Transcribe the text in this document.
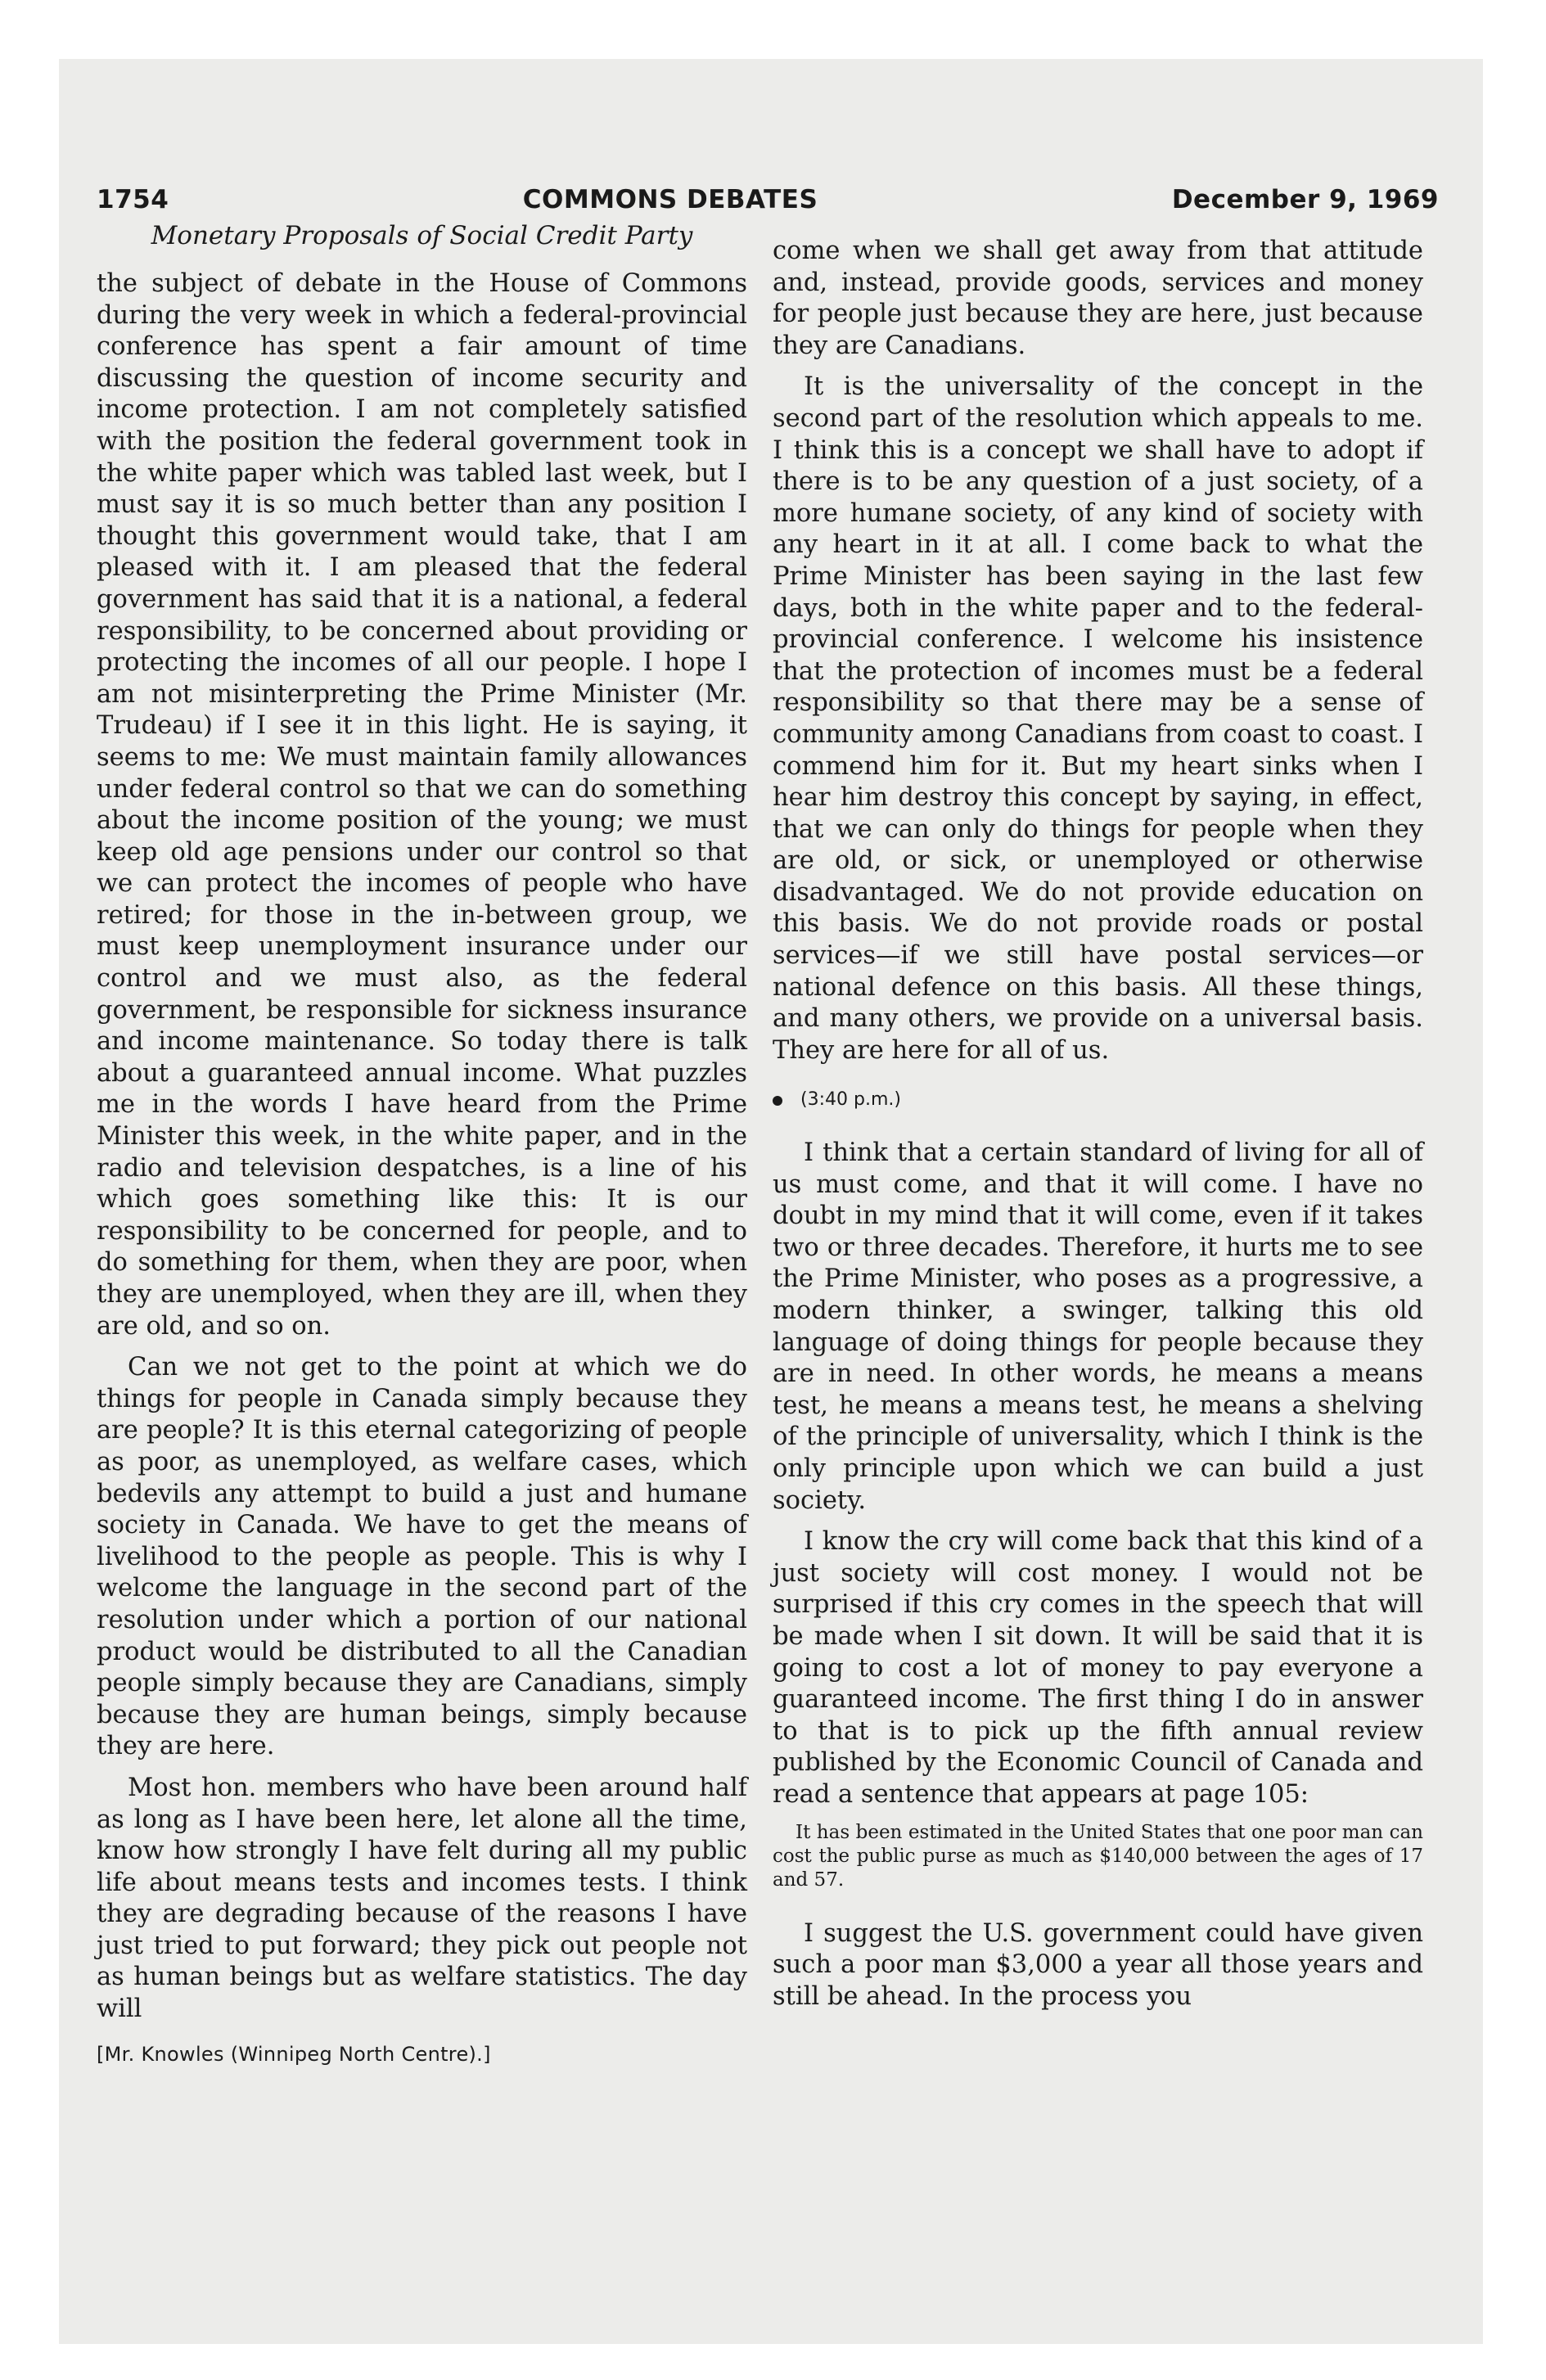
1754	COMMONS DEBATES	December 9, 1969
Monetary Proposals of Social Credit Party

the subject of debate in the House of Commons during the very week in which a federal-provincial conference has spent a fair amount of time discussing the question of income security and income protection. I am not completely satisfied with the position the federal government took in the white paper which was tabled last week, but I must say it is so much better than any position I thought this government would take, that I am pleased with it. I am pleased that the federal government has said that it is a national, a federal responsibility, to be concerned about providing or protecting the incomes of all our people. I hope I am not misinterpreting the Prime Minister (Mr. Trudeau) if I see it in this light. He is saying, it seems to me: We must maintain family allowances under federal control so that we can do something about the income position of the young; we must keep old age pensions under our control so that we can protect the incomes of people who have retired; for those in the in-between group, we must keep unemployment insurance under our control and we must also, as the federal government, be responsible for sickness insurance and income maintenance. So today there is talk about a guaranteed annual income. What puzzles me in the words I have heard from the Prime Minister this week, in the white paper, and in the radio and television despatches, is a line of his which goes something like this: It is our responsibility to be concerned for people, and to do something for them, when they are poor, when they are unemployed, when they are ill, when they are old, and so on.

Can we not get to the point at which we do things for people in Canada simply because they are people? It is this eternal categorizing of people as poor, as unemployed, as welfare cases, which bedevils any attempt to build a just and humane society in Canada. We have to get the means of livelihood to the people as people. This is why I welcome the language in the second part of the resolution under which a portion of our national product would be distributed to all the Canadian people simply because they are Canadians, simply because they are human beings, simply because they are here.

Most hon. members who have been around half as long as I have been here, let alone all the time, know how strongly I have felt during all my public life about means tests and incomes tests. I think they are degrading because of the reasons I have just tried to put forward; they pick out people not as human beings but as welfare statistics. The day will

[Mr. Knowles (Winnipeg North Centre).]

come when we shall get away from that attitude and, instead, provide goods, services and money for people just because they are here, just because they are Canadians.

It is the universality of the concept in the second part of the resolution which appeals to me. I think this is a concept we shall have to adopt if there is to be any question of a just society, of a more humane society, of any kind of society with any heart in it at all. I come back to what the Prime Minister has been saying in the last few days, both in the white paper and to the federal-provincial conference. I welcome his insistence that the protection of incomes must be a federal responsibility so that there may be a sense of community among Canadians from coast to coast. I commend him for it. But my heart sinks when I hear him destroy this concept by saying, in effect, that we can only do things for people when they are old, or sick, or unemployed or otherwise disadvantaged. We do not provide education on this basis. We do not provide roads or postal services—if we still have postal services—or national defence on this basis. All these things, and many others, we provide on a universal basis. They are here for all of us.

(3:40 p.m.)

I think that a certain standard of living for all of us must come, and that it will come. I have no doubt in my mind that it will come, even if it takes two or three decades. Therefore, it hurts me to see the Prime Minister, who poses as a progressive, a modern thinker, a swinger, talking this old language of doing things for people because they are in need. In other words, he means a means test, he means a means test, he means a shelving of the principle of universality, which I think is the only principle upon which we can build a just society.

I know the cry will come back that this kind of a just society will cost money. I would not be surprised if this cry comes in the speech that will be made when I sit down. It will be said that it is going to cost a lot of money to pay everyone a guaranteed income. The first thing I do in answer to that is to pick up the fifth annual review published by the Economic Council of Canada and read a sentence that appears at page 105:

It has been estimated in the United States that one poor man can cost the public purse as much as $140,000 between the ages of 17 and 57.

I suggest the U.S. government could have given such a poor man $3,000 a year all those years and still be ahead. In the process you
